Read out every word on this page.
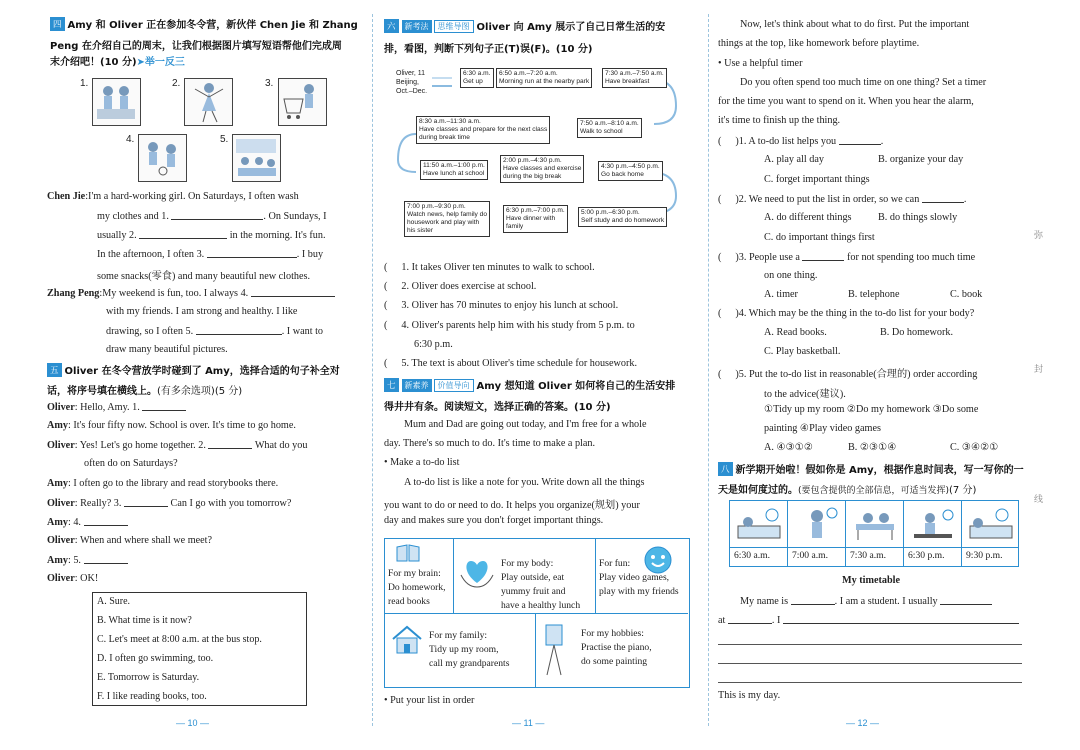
四 Amy 和 Oliver 正在参加冬令营，新伙伴 Chen Jie 和 Zhang
Peng 在介绍自己的周末，让我们根据图片填写短语帮他们完成周
末介绍吧！(10 分)➤举一反三
1.	2.	3.
4.	5.
Chen Jie:I'm a hard-working girl. On Saturdays, I often wash
my clothes and 1.	. On Sundays, I
usually 2.	in the morning. It's fun.
In the afternoon, I often 3.	. I buy
some snacks(零食) and many beautiful new clothes.
Zhang Peng:My weekend is fun, too. I always 4.
with my friends. I am strong and healthy. I like
drawing, so I often 5.	. I want to
draw many beautiful pictures.
五 Oliver 在冬令营放学时碰到了 Amy，选择合适的句子补全对
话，将序号填在横线上。(有多余选项)(5 分)
Oliver: Hello, Amy. 1.
Amy: It's four fifty now. School is over. It's time to go home.
Oliver: Yes! Let's go home together. 2.	What do you
often do on Saturdays?
Amy: I often go to the library and read storybooks there.
Oliver: Really? 3.	Can I go with you tomorrow?
Amy: 4.
Oliver: When and where shall we meet?
Amy: 5.
Oliver: OK!
A. Sure.
B. What time is it now?
C. Let's meet at 8:00 a.m. at the bus stop.
D. I often go swimming, too.
E. Tomorrow is Saturday.
F. I like reading books, too.
— 10 —
六 新考法 思维导图 Oliver 向 Amy 展示了自己日常生活的安
排，看图，判断下列句子正(T)误(F)。(10 分)
Oliver, 11
Beijing,
Oct.–Dec.
6:30 a.m.
Get up
6:50 a.m.–7:20 a.m.
Morning run at the nearby park
7:30 a.m.–7:50 a.m.
Have breakfast
8:30 a.m.–11:30 a.m.
Have classes and prepare for the next class
during break time
7:50 a.m.–8:10 a.m.
Walk to school
11:50 a.m.–1:00 p.m.
Have lunch at school
2:00 p.m.–4:30 p.m.
Have classes and exercise
during the big break
4:30 p.m.–4:50 p.m.
Go back home
7:00 p.m.–9:30 p.m.
Watch news, help family do
housework and play with
his sister
6:30 p.m.–7:00 p.m.
Have dinner with
family
5:00 p.m.–6:30 p.m.
Self study and do homework
( 1. It takes Oliver ten minutes to walk to school.
( 2. Oliver does exercise at school.
( 3. Oliver has 70 minutes to enjoy his lunch at school.
( 4. Oliver's parents help him with his study from 5 p.m. to
6:30 p.m.
( 5. The text is about Oliver's time schedule for housework.
七 新素养 价值导向 Amy 想知道 Oliver 如何将自己的生活安排
得井井有条。阅读短文，选择正确的答案。(10 分)
Mum and Dad are going out today, and I'm free for a whole
day. There's so much to do. It's time to make a plan.
• Make a to-do list
A to-do list is like a note for you. Write down all the things
you want to do or need to do. It helps you organize(规划) your
day and makes sure you don't forget important things.
For my brain:
Do homework,
read books
For my body:
Play outside, eat
yummy fruit and
have a healthy lunch
For fun:
Play video games,
play with my friends
For my family:
Tidy up my room,
call my grandparents
For my hobbies:
Practise the piano,
do some painting
• Put your list in order
— 11 —
Now, let's think about what to do first. Put the important
things at the top, like homework before playtime.
• Use a helpful timer
Do you often spend too much time on one thing? Set a timer
for the time you want to spend on it. When you hear the alarm,
it's time to finish up the thing.
( )1. A to-do list helps you	.
A. play all day	B. organize your day
C. forget important things
( )2. We need to put the list in order, so we can	.
A. do different things	B. do things slowly
C. do important things first
( )3. People use a	for not spending too much time
on one thing.
A. timer	B. telephone	C. book
( )4. Which may be the thing in the to-do list for your body?
A. Read books.	B. Do homework.
C. Play basketball.
( )5. Put the to-do list in reasonable(合理的) order according
to the advice(建议).
①Tidy up my room ②Do my homework ③Do some
painting ④Play video games
A. ④③①②	B. ②③①④	C. ③④②①
八 新学期开始啦！假如你是 Amy，根据作息时间表，写一写你的一
天是如何度过的。(要包含提供的全部信息，可适当发挥)(7 分)
6:30 a.m. 7:00 a.m. 7:30 a.m. 6:30 p.m. 9:30 p.m.
My timetable
My name is	. I am a student. I usually
at	. I
This is my day.
弥
封
线
— 12 —
